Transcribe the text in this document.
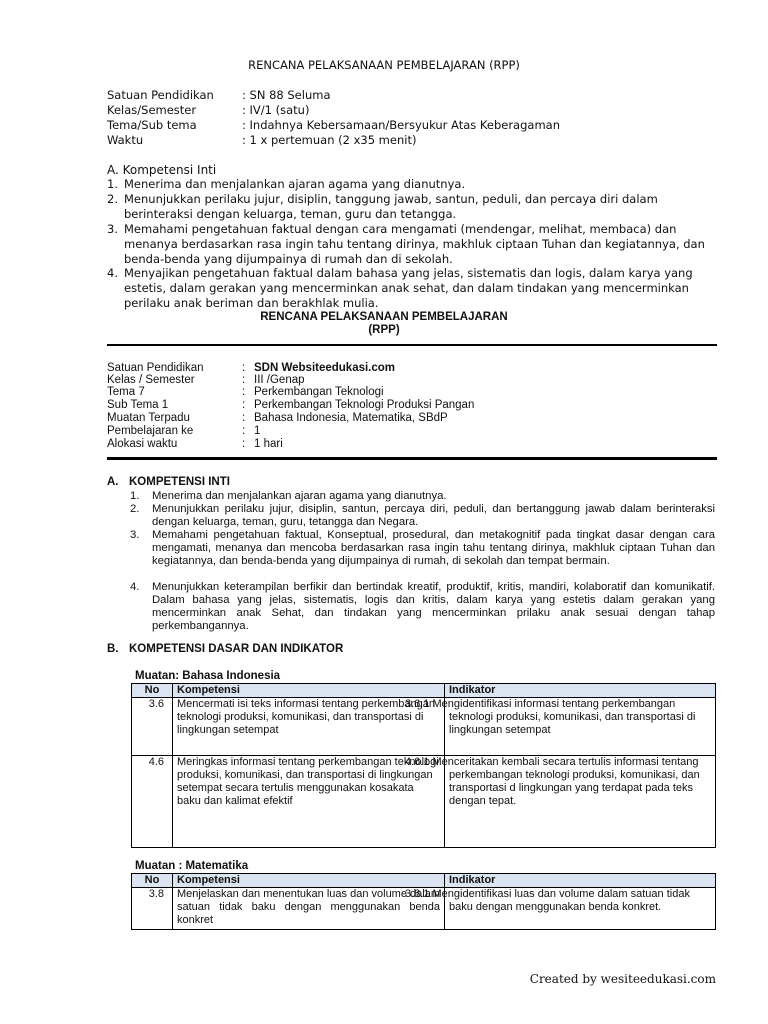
RENCANA PELAKSANAAN PEMBELAJARAN (RPP)
Satuan Pendidikan : SN 88 Seluma
Kelas/Semester	: IV/1 (satu)
Tema/Sub tema	: Indahnya Kebersamaan/Bersyukur Atas Keberagaman
Waktu	: 1 x pertemuan (2 x35 menit)
A. Kompetensi Inti
1. Menerima dan menjalankan ajaran agama yang dianutnya.
2. Menunjukkan perilaku jujur, disiplin, tanggung jawab, santun, peduli, dan percaya diri dalam berinteraksi dengan keluarga, teman, guru dan tetangga.
3. Memahami pengetahuan faktual dengan cara mengamati (mendengar, melihat, membaca) dan menanya berdasarkan rasa ingin tahu tentang dirinya, makhluk ciptaan Tuhan dan kegiatannya, dan benda-benda yang dijumpainya di rumah dan di sekolah.
4. Menyajikan pengetahuan faktual dalam bahasa yang jelas, sistematis dan logis, dalam karya yang estetis, dalam gerakan yang mencerminkan anak sehat, dan dalam tindakan yang mencerminkan perilaku anak beriman dan berakhlak mulia.
RENCANA PELAKSANAAN PEMBELAJARAN
(RPP)
Satuan Pendidikan	: SDN Websiteedukasi.com
Kelas / Semester	: III /Genap
Tema 7	: Perkembangan Teknologi
Sub Tema 1	: Perkembangan Teknologi Produksi Pangan
Muatan Terpadu	: Bahasa Indonesia, Matematika, SBdP
Pembelajaran ke	: 1
Alokasi waktu	: 1 hari
A. KOMPETENSI INTI
1.	Menerima dan menjalankan ajaran agama yang dianutnya.
2.	Menunjukkan perilaku jujur, disiplin, santun, percaya diri, peduli, dan bertanggung jawab dalam berinteraksi dengan keluarga, teman, guru, tetangga dan Negara.
3.	Memahami pengetahuan faktual, Konseptual, prosedural, dan metakognitif pada tingkat dasar dengan cara mengamati, menanya dan mencoba berdasarkan rasa ingin tahu tentang dirinya, makhluk ciptaan Tuhan dan kegiatannya, dan benda-benda yang dijumpainya di rumah, di sekolah dan tempat bermain.
4.	Menunjukkan keterampilan berfikir dan bertindak kreatif, produktif, kritis, mandiri, kolaboratif dan komunikatif. Dalam bahasa yang jelas, sistematis, logis dan kritis, dalam karya yang estetis dalam gerakan yang mencerminkan anak Sehat, dan tindakan yang mencerminkan prilaku anak sesuai dengan tahap perkembangannya.
B. KOMPETENSI DASAR DAN INDIKATOR
Muatan: Bahasa Indonesia
No	Kompetensi	Indikator
3.6	Mencermati isi teks informasi tentang perkembangan teknologi produksi, komunikasi, dan transportasi di lingkungan setempat	3.6.1 Mengidentifikasi informasi tentang perkembangan teknologi produksi, komunikasi, dan transportasi di lingkungan setempat
4.6	Meringkas informasi tentang perkembangan teknologi produksi, komunikasi, dan transportasi di lingkungan setempat secara tertulis menggunakan kosakata baku dan kalimat efektif	4.6.1 Menceritakan kembali secara tertulis informasi tentang perkembangan teknologi produksi, komunikasi, dan transportasi d lingkungan yang terdapat pada teks dengan tepat.
Muatan : Matematika
No	Kompetensi	Indikator
3.8	Menjelaskan dan menentukan luas dan volume dalam satuan tidak baku dengan menggunakan benda konkret	3.8.1 Mengidentifikasi luas dan volume dalam satuan tidak baku dengan menggunakan benda konkret.
Created by wesiteedukasi.com
